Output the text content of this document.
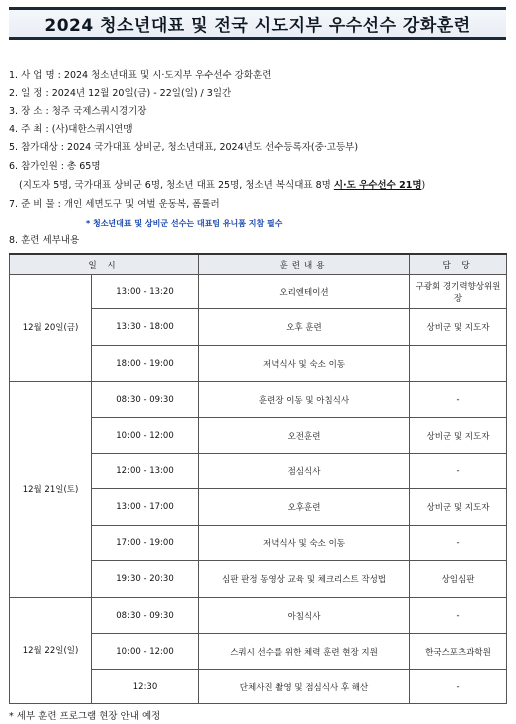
2024 청소년대표 및 전국 시도지부 우수선수 강화훈련
1. 사 업 명 : 2024 청소년대표 및 시·도지부 우수선수 강화훈련
2. 일 정 : 2024년 12월 20일(금) - 22일(일) / 3일간
3. 장 소 : 청주 국제스쿼시경기장
4. 주 최 : (사)대한스쿼시연맹
5. 참가대상 : 2024 국가대표 상비군, 청소년대표, 2024년도 선수등록자(중·고등부)
6. 참가인원 : 총 65명
(지도자 5명, 국가대표 상비군 6명, 청소년 대표 25명, 청소년 복식대표 8명 시·도 우수선수 21명)
7. 준 비 물 : 개인 세면도구 및 여벌 운동복, 폼롤러
* 청소년대표 및 상비군 선수는 대표팀 유니폼 지참 필수
8. 훈련 세부내용
일 시		훈련내용	담 당
12월 20일(금)	13:00 - 13:20	오리엔테이션	구광회 경기력향상위원장
	13:30 - 18:00	오후 훈련	상비군 및 지도자
	18:00 - 19:00	저녁식사 및 숙소 이동	
12월 21일(토)	08:30 - 09:30	훈련장 이동 및 아침식사	-
	10:00 - 12:00	오전훈련	상비군 및 지도자
	12:00 - 13:00	점심식사	-
	13:00 - 17:00	오후훈련	상비군 및 지도자
	17:00 - 19:00	저녁식사 및 숙소 이동	-
	19:30 - 20:30	심판 판정 동영상 교육 및 체크리스트 작성법	상임심판
12월 22일(일)	08:30 - 09:30	아침식사	-
	10:00 - 12:00	스쿼시 선수를 위한 체력 훈련 현장 지원	한국스포츠과학원
	12:30	단체사진 촬영 및 점심식사 후 해산	-
* 세부 훈련 프로그램 현장 안내 예정
